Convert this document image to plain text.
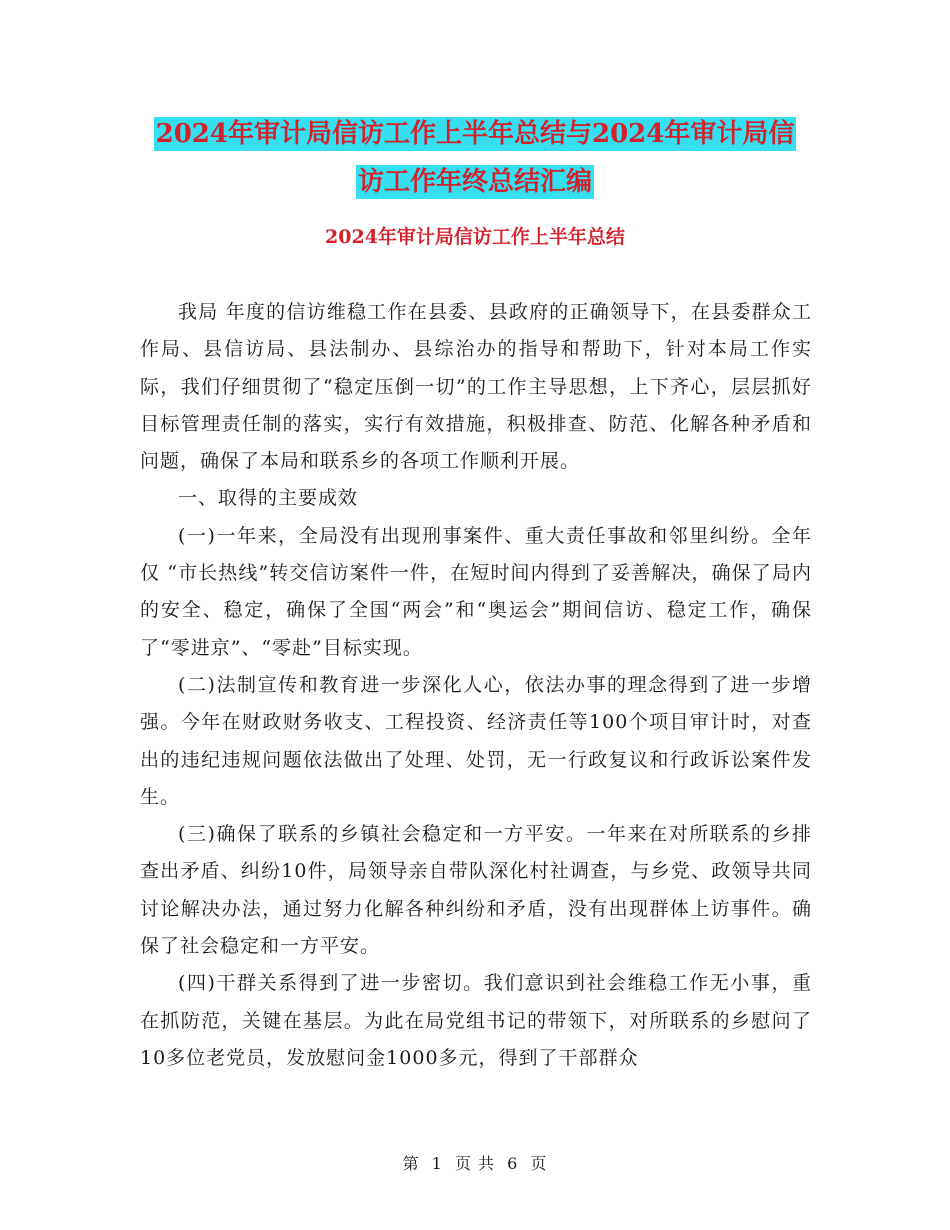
2024年审计局信访工作上半年总结与2024年审计局信
访工作年终总结汇编
2024年审计局信访工作上半年总结

我局 年度的信访维稳工作在县委、县政府的正确领导下，在县委群众工作局、县信访局、县法制办、县综治办的指导和帮助下，针对本局工作实际，我们仔细贯彻了“稳定压倒一切”的工作主导思想，上下齐心，层层抓好目标管理责任制的落实，实行有效措施，积极排查、防范、化解各种矛盾和问题，确保了本局和联系乡的各项工作顺利开展。

一、取得的主要成效

(一)一年来，全局没有出现刑事案件、重大责任事故和邻里纠纷。全年仅 “市长热线”转交信访案件一件，在短时间内得到了妥善解决，确保了局内的安全、稳定，确保了全国“两会”和“奥运会”期间信访、稳定工作，确保了“零进京”、“零赴”目标实现。

(二)法制宣传和教育进一步深化人心，依法办事的理念得到了进一步增强。今年在财政财务收支、工程投资、经济责任等100个项目审计时，对查出的违纪违规问题依法做出了处理、处罚，无一行政复议和行政诉讼案件发生。

(三)确保了联系的乡镇社会稳定和一方平安。一年来在对所联系的乡排查出矛盾、纠纷10件，局领导亲自带队深化村社调查，与乡党、政领导共同讨论解决办法，通过努力化解各种纠纷和矛盾，没有出现群体上访事件。确保了社会稳定和一方平安。

(四)干群关系得到了进一步密切。我们意识到社会维稳工作无小事，重在抓防范，关键在基层。为此在局党组书记的带领下，对所联系的乡慰问了10多位老党员，发放慰问金1000多元，得到了干部群众

第 1 页 共 6 页
